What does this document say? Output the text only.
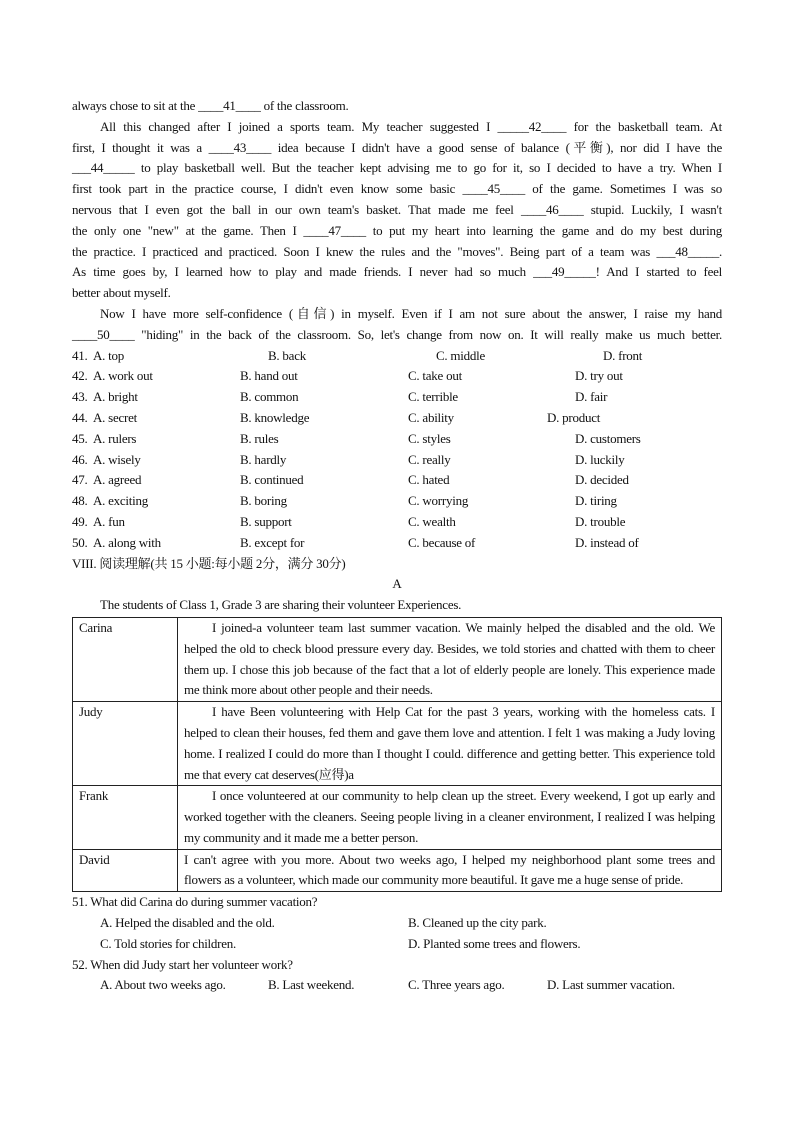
always chose to sit at the ____41____ of the classroom.
All this changed after I joined a sports team. My teacher suggested I _____42____ for the basketball team. At
first, I thought it was a ____43____ idea because I didn't have a good sense of balance (平衡), nor did I have the
___44_____ to play basketball well. But the teacher kept advising me to go for it, so I decided to have a try. When I
first took part in the practice course, I didn't even know some basic ____45____ of the game. Sometimes I was so
nervous that I even got the ball in our own team's basket. That made me feel ____46____ stupid. Luckily, I wasn't
the only one "new" at the game. Then I ____47____ to put my heart into learning the game and do my best during
the practice. I practiced and practiced. Soon I knew the rules and the "moves". Being part of a team was ___48_____.
As time goes by, I learned how to play and made friends. I never had so much ___49_____! And I started to feel
better about myself.
Now I have more self-confidence (自信) in myself. Even if I am not sure about the answer, I raise my hand
____50____ "hiding" in the back of the classroom. So, let's change from now on. It will really make us much better.
41. A. top	B. back	C. middle	D. front
42. A. work out	B. hand out	C. take out	D. try out
43. A. bright	B. common	C. terrible	D. fair
44. A. secret	B. knowledge	C. ability	D. product
45. A. rulers	B. rules	C. styles	D. customers
46. A. wisely	B. hardly	C. really	D. luckily
47. A. agreed	B. continued	C. hated	D. decided
48. A. exciting	B. boring	C. worrying	D. tiring
49. A. fun	B. support	C. wealth	D. trouble
50. A. along with	B. except for	C. because of	D. instead of
VIII. 阅读理解(共 15 小题:每小题 2分，满分 30分)
A
The students of Class 1, Grade 3 are sharing their volunteer Experiences.
Carina	I joined-a volunteer team last summer vacation. We mainly helped the disabled and the old. We helped the old to check blood pressure every day. Besides, we told stories and chatted with them to cheer them up. I chose this job because of the fact that a lot of elderly people are lonely. This experience made me think more about other people and their needs.
Judy	I have Been volunteering with Help Cat for the past 3 years, working with the homeless cats. I helped to clean their houses, fed them and gave them love and attention. I felt 1 was making a Judy loving home. I realized I could do more than I thought I could. difference and getting better. This experience told me that every cat deserves(应得)a
Frank	I once volunteered at our community to help clean up the street. Every weekend, I got up early and worked together with the cleaners. Seeing people living in a cleaner environment, I realized I was helping my community and it made me a better person.
David	I can't agree with you more. About two weeks ago, I helped my neighborhood plant some trees and flowers as a volunteer, which made our community more beautiful. It gave me a huge sense of pride.
51. What did Carina do during summer vacation?
A. Helped the disabled and the old.	B. Cleaned up the city park.
C. Told stories for children.	D. Planted some trees and flowers.
52. When did Judy start her volunteer work?
A. About two weeks ago.	B. Last weekend.	C. Three years ago.	D. Last summer vacation.
